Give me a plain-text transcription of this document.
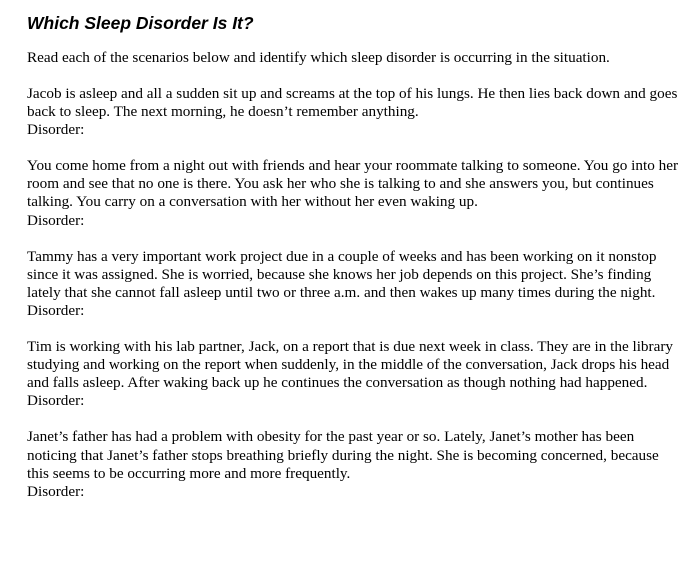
Which Sleep Disorder Is It?

Read each of the scenarios below and identify which sleep disorder is occurring in the situation.

Jacob is asleep and all a sudden sit up and screams at the top of his lungs. He then lies back down and goes back to sleep. The next morning, he doesn’t remember anything.

Disorder:

You come home from a night out with friends and hear your roommate talking to someone. You go into her room and see that no one is there. You ask her who she is talking to and she answers you, but continues talking. You carry on a conversation with her without her even waking up.

Disorder:

Tammy has a very important work project due in a couple of weeks and has been working on it nonstop since it was assigned. She is worried, because she knows her job depends on this project. She’s finding lately that she cannot fall asleep until two or three a.m. and then wakes up many times during the night.

Disorder:

Tim is working with his lab partner, Jack, on a report that is due next week in class. They are in the library studying and working on the report when suddenly, in the middle of the conversation, Jack drops his head and falls asleep. After waking back up he continues the conversation as though nothing had happened.

Disorder:

Janet’s father has had a problem with obesity for the past year or so. Lately, Janet’s mother has been noticing that Janet’s father stops breathing briefly during the night. She is becoming concerned, because this seems to be occurring more and more frequently.

Disorder:
